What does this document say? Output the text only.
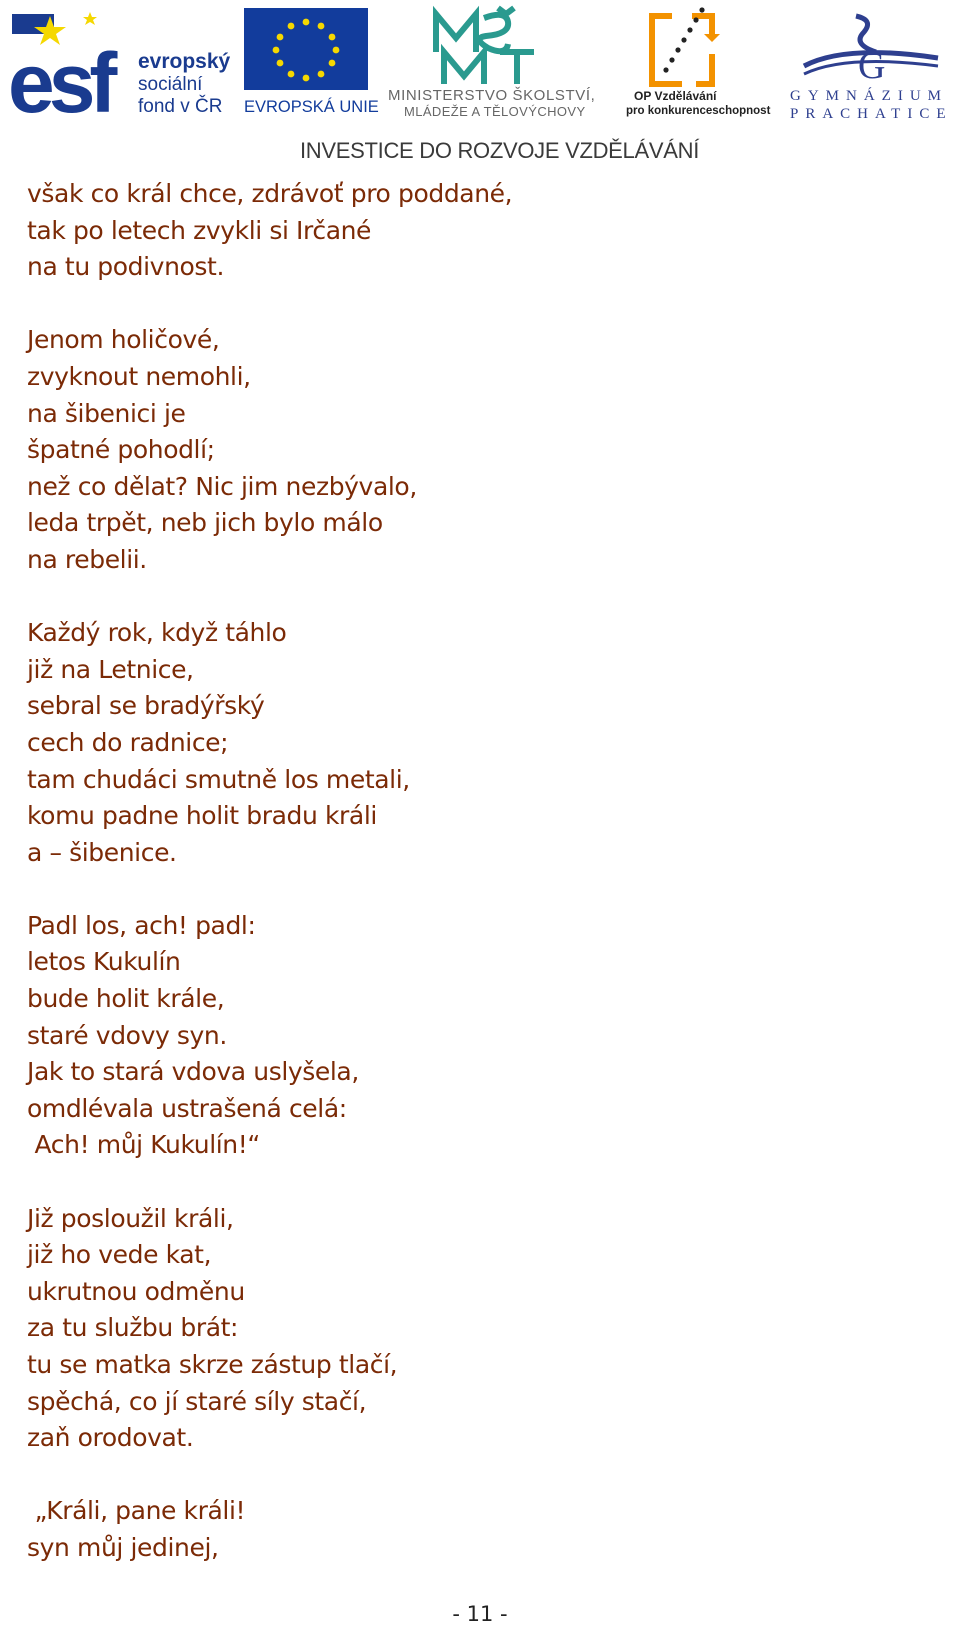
esf	evropský
sociální
fond v ČR EVROPSKÁ UNIE
MINISTERSTVO ŠKOLSTVÍ,
MLÁDEŽE A TĚLOVÝCHOVY
OP Vzdělávání
pro konkurenceschopnost
G
GYMNÁZIUM
PRACHATICE
INVESTICE DO ROZVOJE VZDĚLÁVÁNÍ
však co král chce, zdrávoť pro poddané,
tak po letech zvykli si Irčané
na tu podivnost.
Jenom holičové,
zvyknout nemohli,
na šibenici je
špatné pohodlí;
než co dělat? Nic jim nezbývalo,
leda trpět, neb jich bylo málo
na rebelii.
Každý rok, když táhlo
již na Letnice,
sebral se bradýřský
cech do radnice;
tam chudáci smutně los metali,
komu padne holit bradu králi
a – šibenice.
Padl los, ach! padl:
letos Kukulín
bude holit krále,
staré vdovy syn.
Jak to stará vdova uslyšela,
omdlévala ustrašená celá:
Ach! můj Kukulín!“
Již posloužil králi,
již ho vede kat,
ukrutnou odměnu
za tu službu brát:
tu se matka skrze zástup tlačí,
spěchá, co jí staré síly stačí,
zaň orodovat.
„Králi, pane králi!
syn můj jedinej,
- 11 -
